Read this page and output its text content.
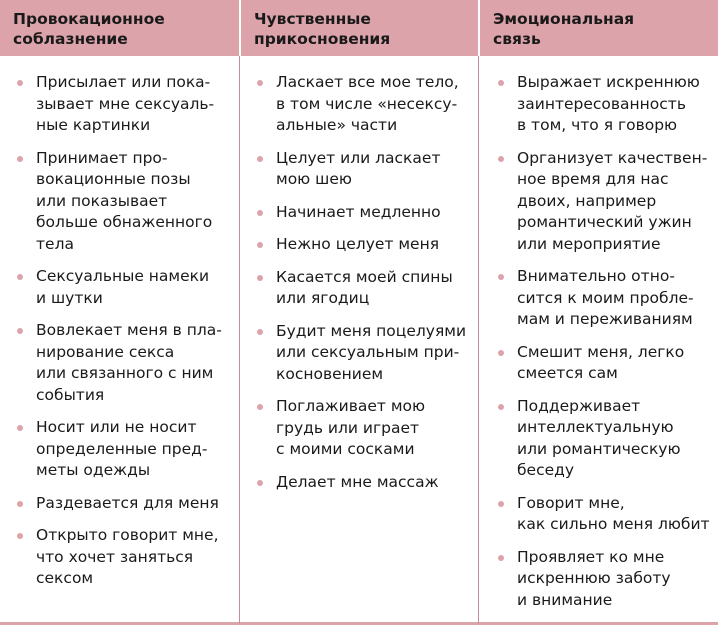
Провокационное
соблазнение
Чувственные
прикосновения
Эмоциональная
связь
Присылает или пока-
зывает мне сексуаль-
ные картинки
Принимает про-
вокационные позы
или показывает
больше обнаженного
тела
Сексуальные намеки
и шутки
Вовлекает меня в пла-
нирование секса
или связанного с ним
события
Носит или не носит
определенные пред-
меты одежды
Раздевается для меня
Открыто говорит мне,
что хочет заняться
сексом
Ласкает все мое тело,
в том числе «несексу-
альные» части
Целует или ласкает
мою шею
Начинает медленно
Нежно целует меня
Касается моей спины
или ягодиц
Будит меня поцелуями
или сексуальным при-
косновением
Поглаживает мою
грудь или играет
с моими сосками
Делает мне массаж
Выражает искреннюю
заинтересованность
в том, что я говорю
Организует качествен-
ное время для нас
двоих, например
романтический ужин
или мероприятие
Внимательно отно-
сится к моим пробле-
мам и переживаниям
Смешит меня, легко
смеется сам
Поддерживает
интеллектуальную
или романтическую
беседу
Говорит мне,
как сильно меня любит
Проявляет ко мне
искреннюю заботу
и внимание
